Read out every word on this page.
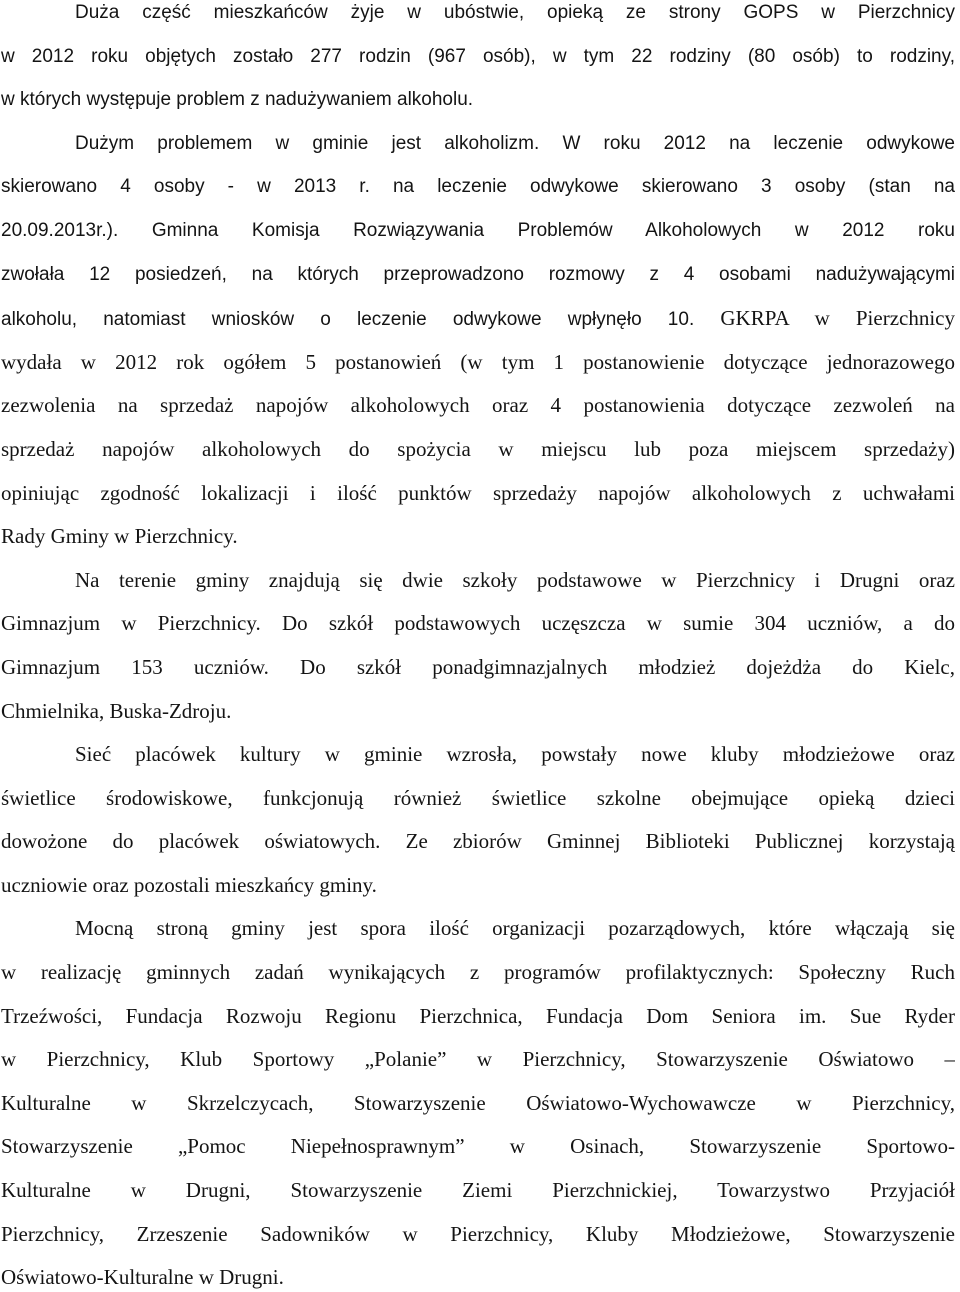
Duża część mieszkańców żyje w ubóstwie, opieką ze strony GOPS w Pierzchnicy
w 2012 roku objętych zostało 277 rodzin (967 osób), w tym 22 rodziny (80 osób) to rodziny,
w których występuje problem z nadużywaniem alkoholu.
Dużym problemem w gminie jest alkoholizm. W roku 2012 na leczenie odwykowe
skierowano 4 osoby - w 2013 r. na leczenie odwykowe skierowano 3 osoby (stan na
20.09.2013r.). Gminna Komisja Rozwiązywania Problemów Alkoholowych w 2012 roku
zwołała 12 posiedzeń, na których przeprowadzono rozmowy z 4 osobami nadużywającymi
alkoholu, natomiast wniosków o leczenie odwykowe wpłynęło 10. GKRPA w Pierzchnicy
wydała w 2012 rok ogółem 5 postanowień (w tym 1 postanowienie dotyczące jednorazowego
zezwolenia na sprzedaż napojów alkoholowych oraz 4 postanowienia dotyczące zezwoleń na
sprzedaż napojów alkoholowych do spożycia w miejscu lub poza miejscem sprzedaży)
opiniując zgodność lokalizacji i ilość punktów sprzedaży napojów alkoholowych z uchwałami
Rady Gminy w Pierzchnicy.
Na terenie gminy znajdują się dwie szkoły podstawowe w Pierzchnicy i Drugni oraz
Gimnazjum w Pierzchnicy. Do szkół podstawowych uczęszcza w sumie 304 uczniów, a do
Gimnazjum 153 uczniów. Do szkół ponadgimnazjalnych młodzież dojeżdża do Kielc,
Chmielnika, Buska-Zdroju.
Sieć placówek kultury w gminie wzrosła, powstały nowe kluby młodzieżowe oraz
świetlice środowiskowe, funkcjonują również świetlice szkolne obejmujące opieką dzieci
dowożone do placówek oświatowych. Ze zbiorów Gminnej Biblioteki Publicznej korzystają
uczniowie oraz pozostali mieszkańcy gminy.
Mocną stroną gminy jest spora ilość organizacji pozarządowych, które włączają się
w realizację gminnych zadań wynikających z programów profilaktycznych: Społeczny Ruch
Trzeźwości, Fundacja Rozwoju Regionu Pierzchnica, Fundacja Dom Seniora im. Sue Ryder
w Pierzchnicy, Klub Sportowy „Polanie” w Pierzchnicy, Stowarzyszenie Oświatowo –
Kulturalne w Skrzelczycach, Stowarzyszenie Oświatowo-Wychowawcze w Pierzchnicy,
Stowarzyszenie „Pomoc Niepełnosprawnym” w Osinach, Stowarzyszenie Sportowo-
Kulturalne w Drugni, Stowarzyszenie Ziemi Pierzchnickiej, Towarzystwo Przyjaciół
Pierzchnicy, Zrzeszenie Sadowników w Pierzchnicy, Kluby Młodzieżowe, Stowarzyszenie
Oświatowo-Kulturalne w Drugni.
